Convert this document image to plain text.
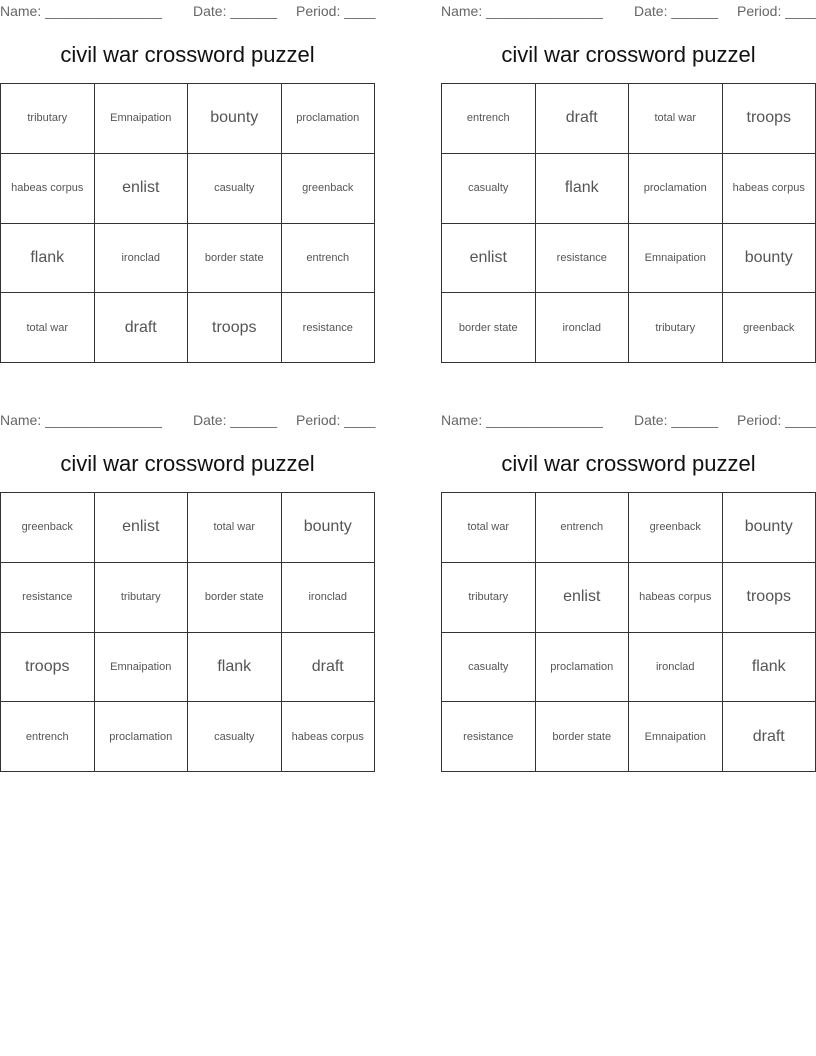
Name: _______________ Date: ______ Period: ____
civil war crossword puzzel
tributary	Emnaipation	bounty	proclamation
habeas corpus	enlist	casualty	greenback
flank	ironclad	border state	entrench
total war	draft	troops	resistance
Name: _______________ Date: ______ Period: ____
civil war crossword puzzel
entrench	draft	total war	troops
casualty	flank	proclamation	habeas corpus
enlist	resistance	Emnaipation	bounty
border state	ironclad	tributary	greenback
Name: _______________ Date: ______ Period: ____
civil war crossword puzzel
greenback	enlist	total war	bounty
resistance	tributary	border state	ironclad
troops	Emnaipation	flank	draft
entrench	proclamation	casualty	habeas corpus
Name: _______________ Date: ______ Period: ____
civil war crossword puzzel
total war	entrench	greenback	bounty
tributary	enlist	habeas corpus	troops
casualty	proclamation	ironclad	flank
resistance	border state	Emnaipation	draft
